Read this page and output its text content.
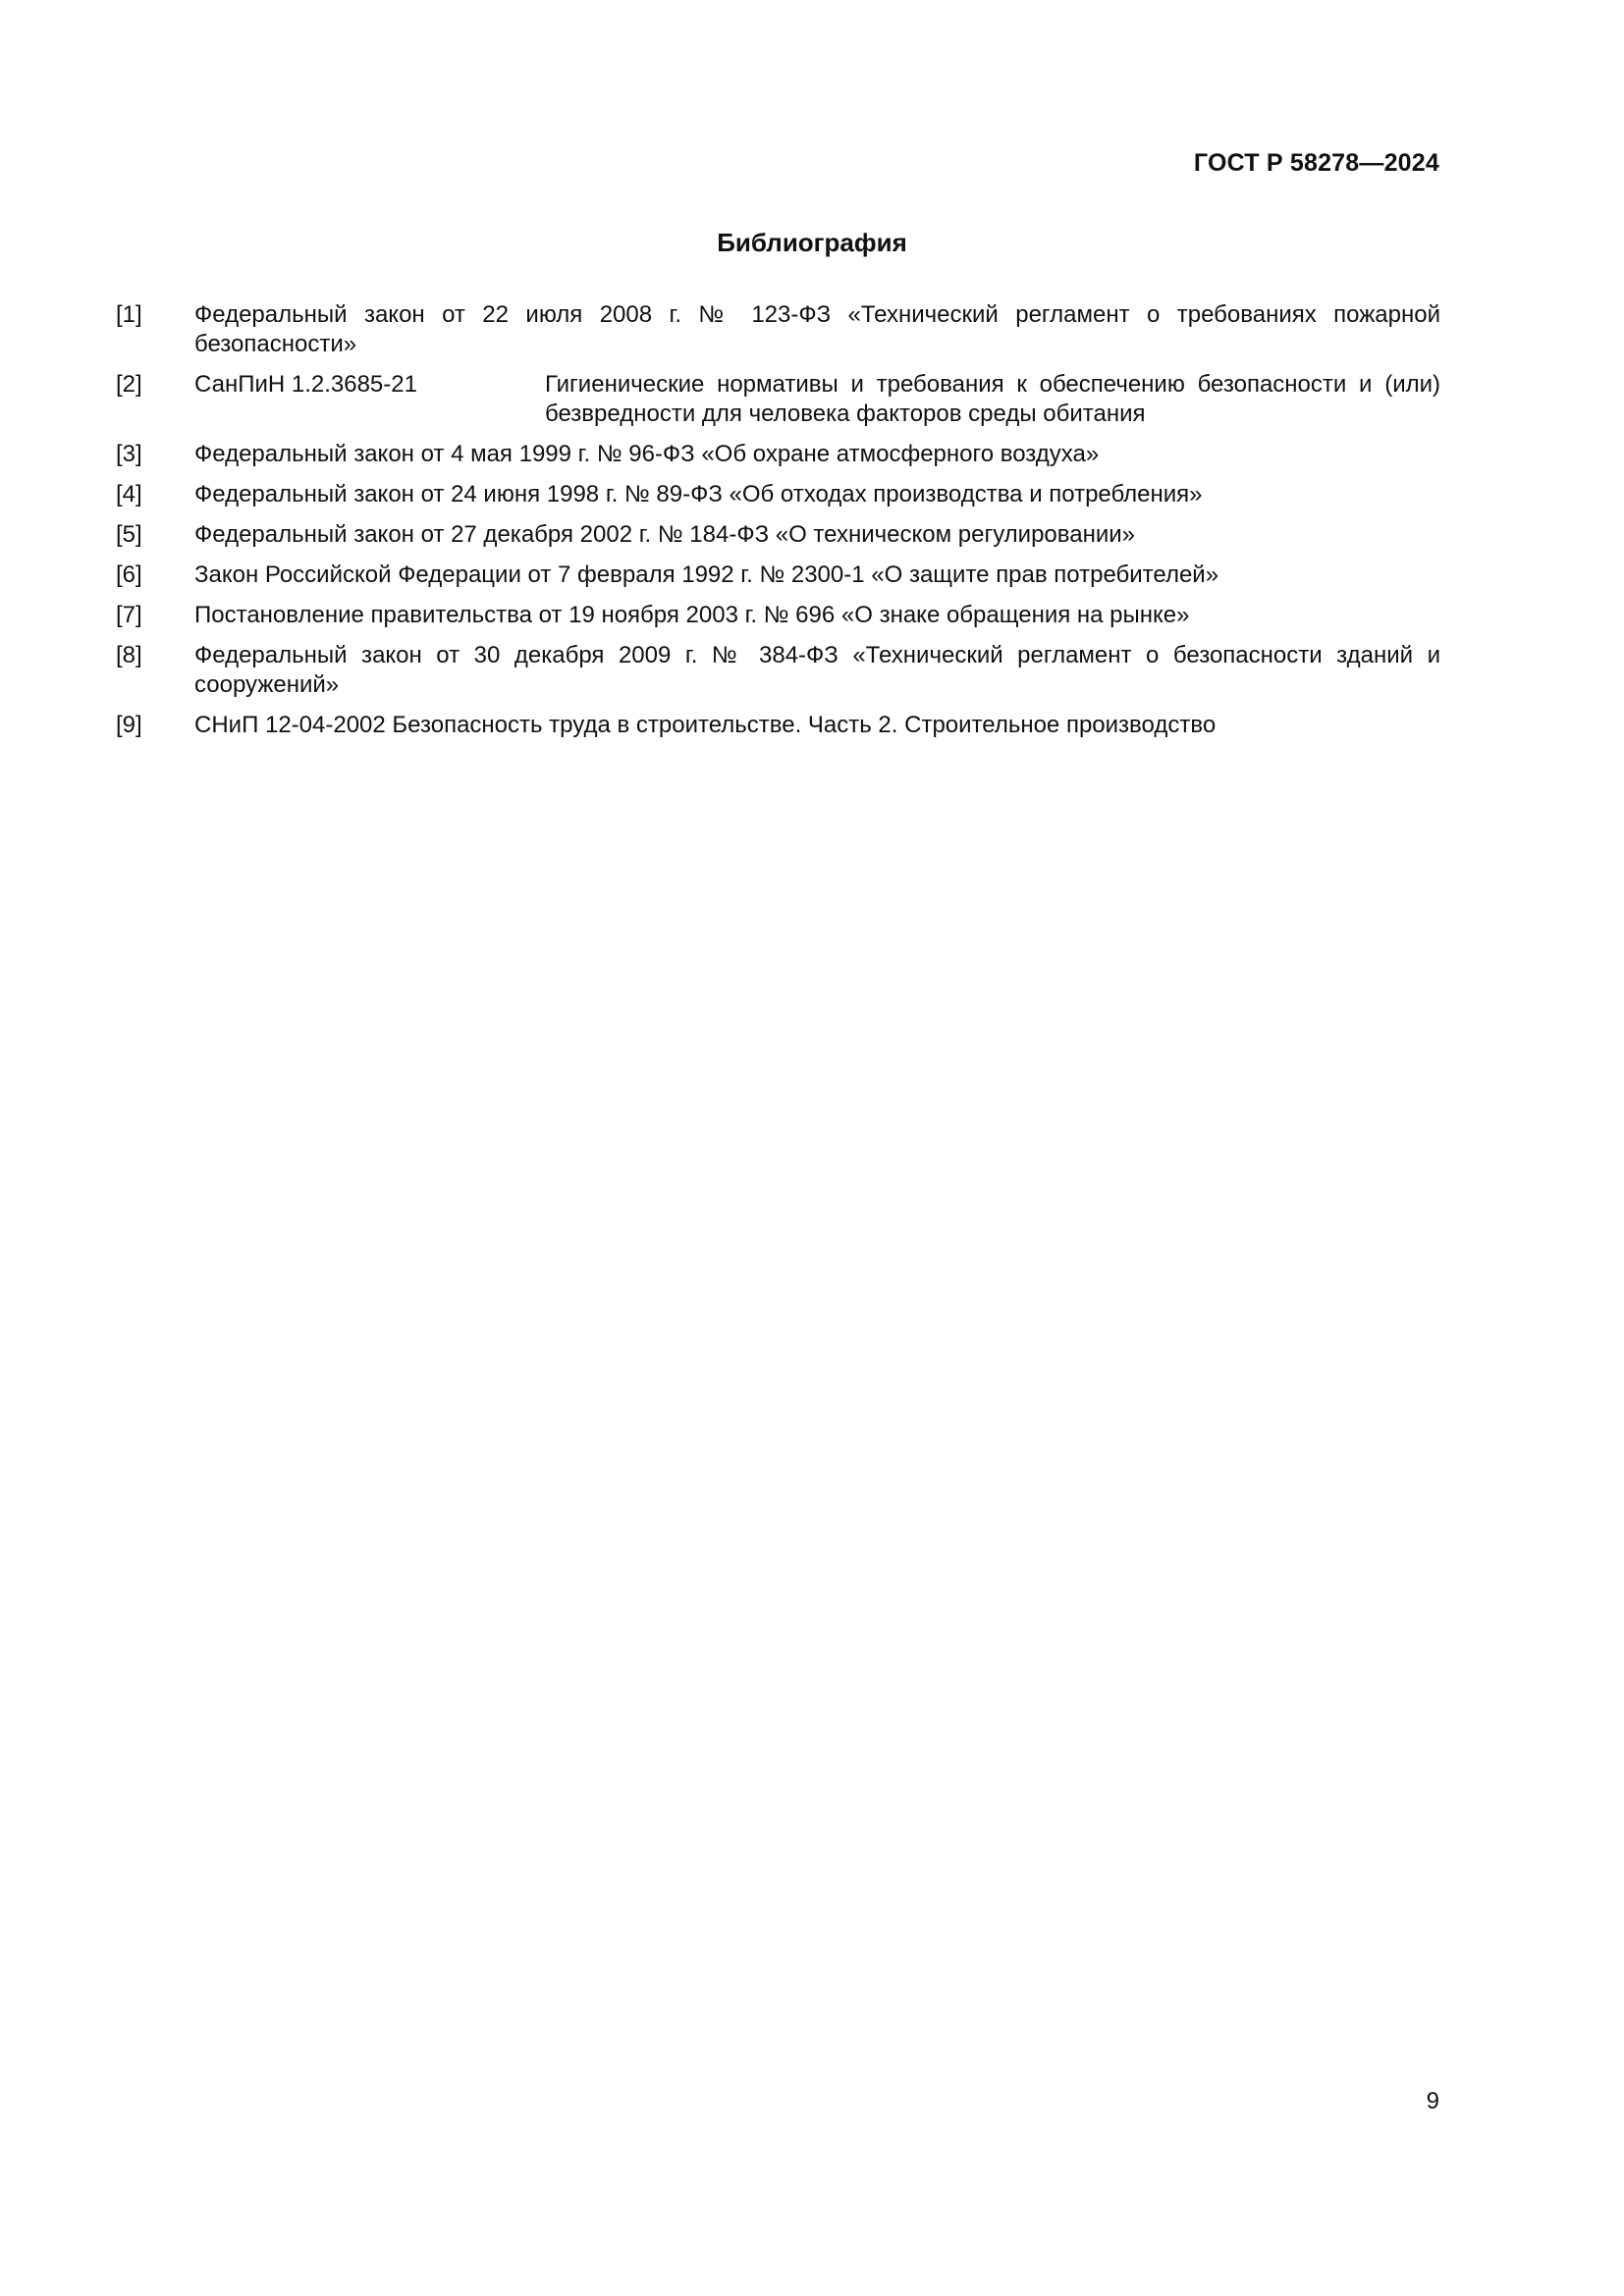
ГОСТ Р 58278—2024
Библиография
[1]	Федеральный закон от 22 июля 2008 г. № 123-ФЗ «Технический регламент о требованиях пожарной безопасности»
[2]	СанПиН 1.2.3685-21	Гигиенические нормативы и требования к обеспечению безопасности и (или) безвредности для человека факторов среды обитания
[3]	Федеральный закон от 4 мая 1999 г. № 96-ФЗ «Об охране атмосферного воздуха»
[4]	Федеральный закон от 24 июня 1998 г. № 89-ФЗ «Об отходах производства и потребления»
[5]	Федеральный закон от 27 декабря 2002 г. № 184-ФЗ «О техническом регулировании»
[6]	Закон Российской Федерации от 7 февраля 1992 г. № 2300-1 «О защите прав потребителей»
[7]	Постановление правительства от 19 ноября 2003 г. № 696 «О знаке обращения на рынке»
[8]	Федеральный закон от 30 декабря 2009 г. № 384-ФЗ «Технический регламент о безопасности зданий и сооружений»
[9]	СНиП 12-04-2002 Безопасность труда в строительстве. Часть 2. Строительное производство
9
